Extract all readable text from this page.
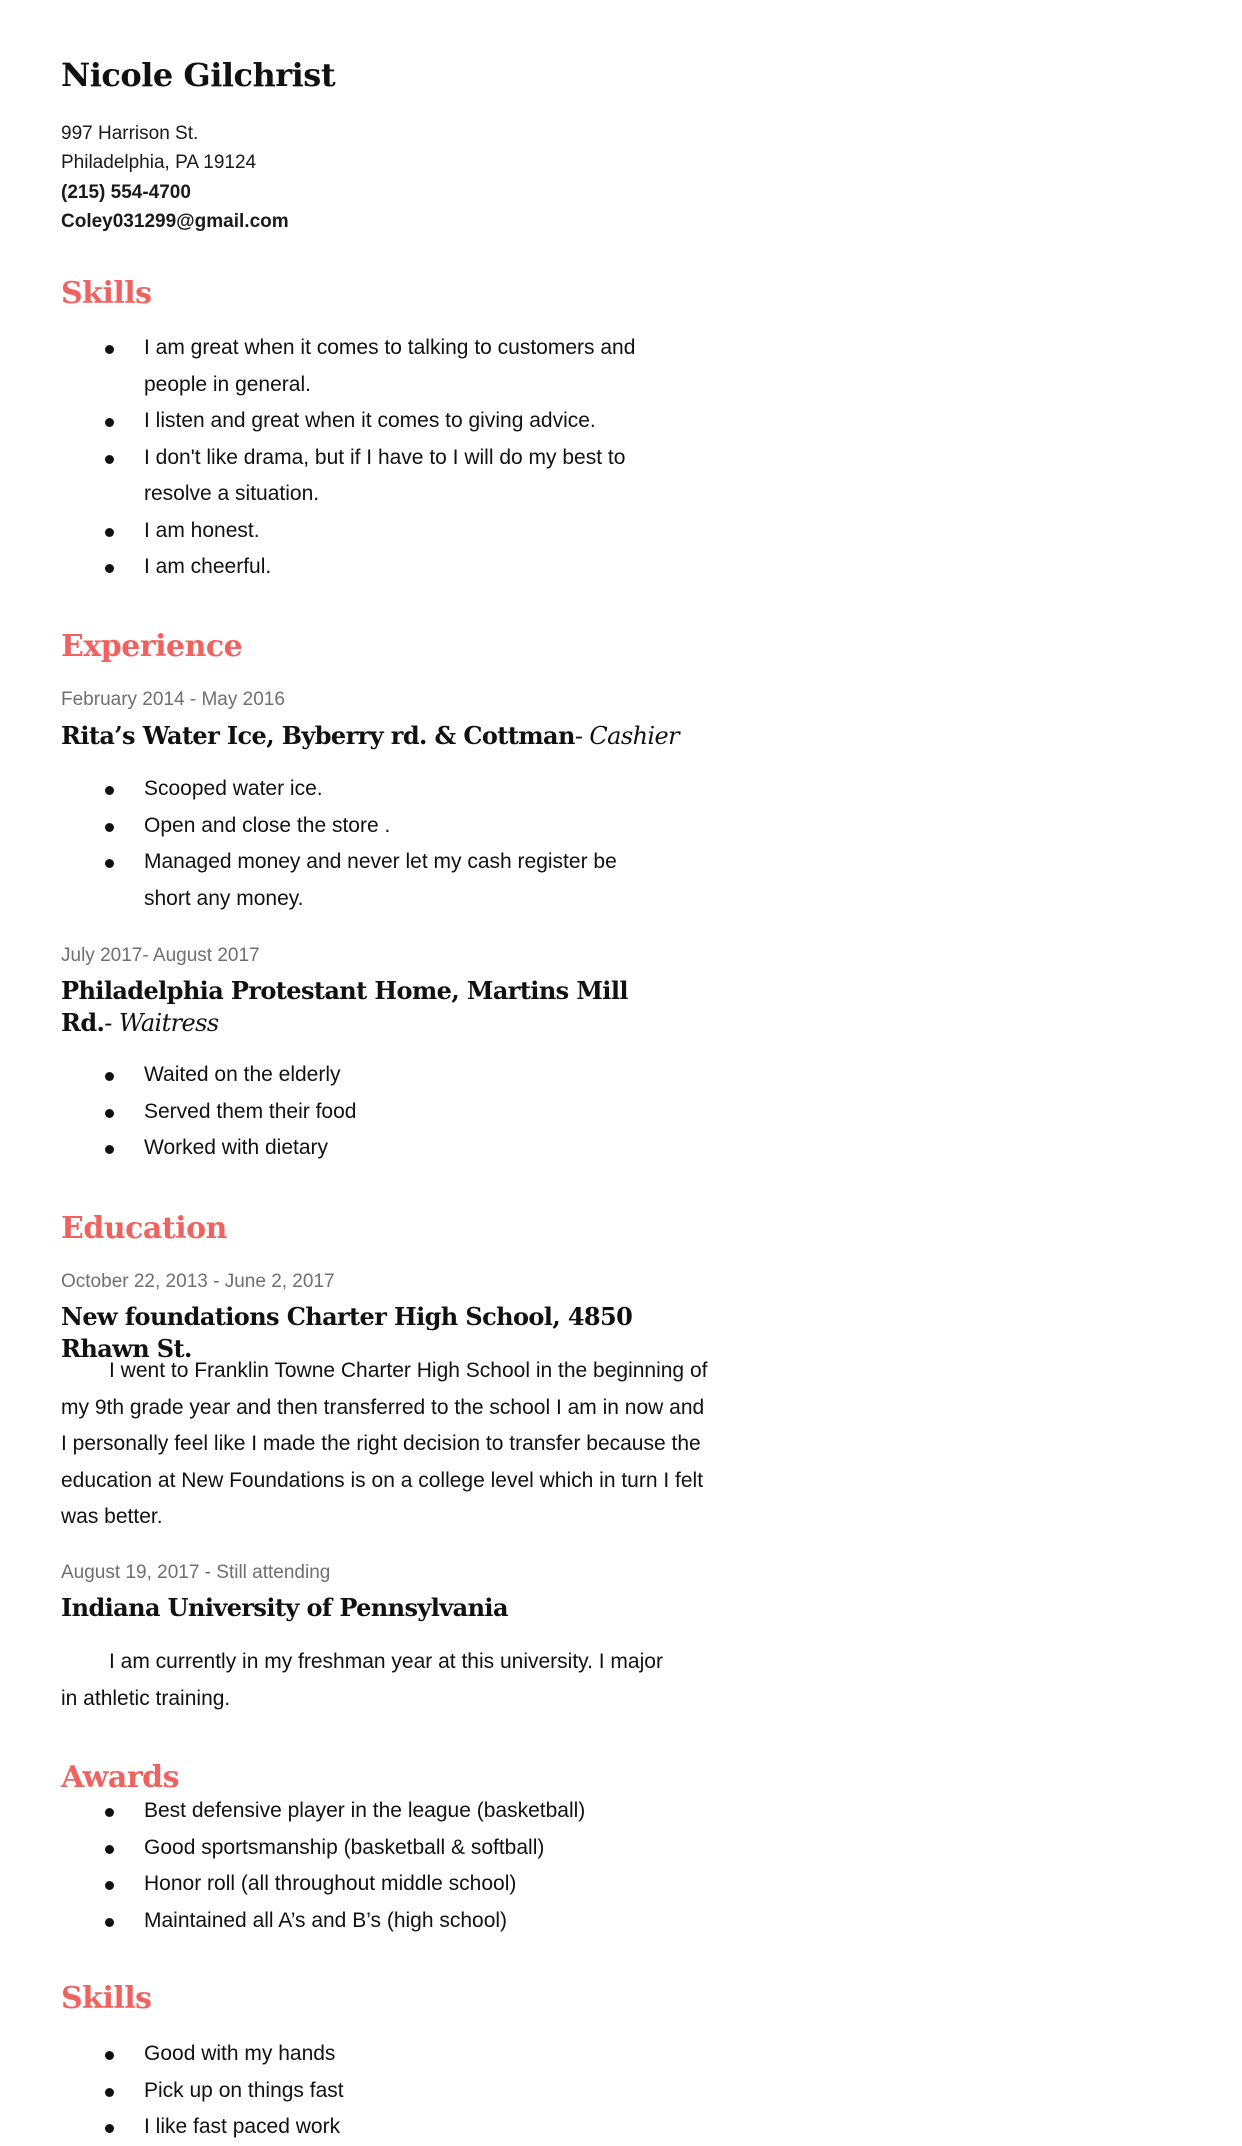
Nicole Gilchrist
997 Harrison St.
Philadelphia, PA 19124
(215) 554-4700
Coley031299@gmail.com
Skills
I am great when it comes to talking to customers and people in general.
I listen and great when it comes to giving advice.
I don't like drama, but if I have to I will do my best to resolve a situation.
I am honest.
I am cheerful.
Experience
February 2014 - May 2016
Rita’s Water Ice, Byberry rd. & Cottman- Cashier
Scooped water ice.
Open and close the store .
Managed money and never let my cash register be short any money.
July 2017- August 2017
Philadelphia Protestant Home, Martins Mill Rd.- Waitress
Waited on the elderly
Served them their food
Worked with dietary
Education
October 22, 2013 - June 2, 2017
New foundations Charter High School, 4850 Rhawn St.
I went to Franklin Towne Charter High School in the beginning of my 9th grade year and then transferred to the school I am in now and I personally feel like I made the right decision to transfer because the education at New Foundations is on a college level which in turn I felt was better.
August 19, 2017 - Still attending
Indiana University of Pennsylvania
I am currently in my freshman year at this university. I major in athletic training.
Awards
Best defensive player in the league (basketball)
Good sportsmanship (basketball & softball)
Honor roll (all throughout middle school)
Maintained all A’s and B’s (high school)
Skills
Good with my hands
Pick up on things fast
I like fast paced work
